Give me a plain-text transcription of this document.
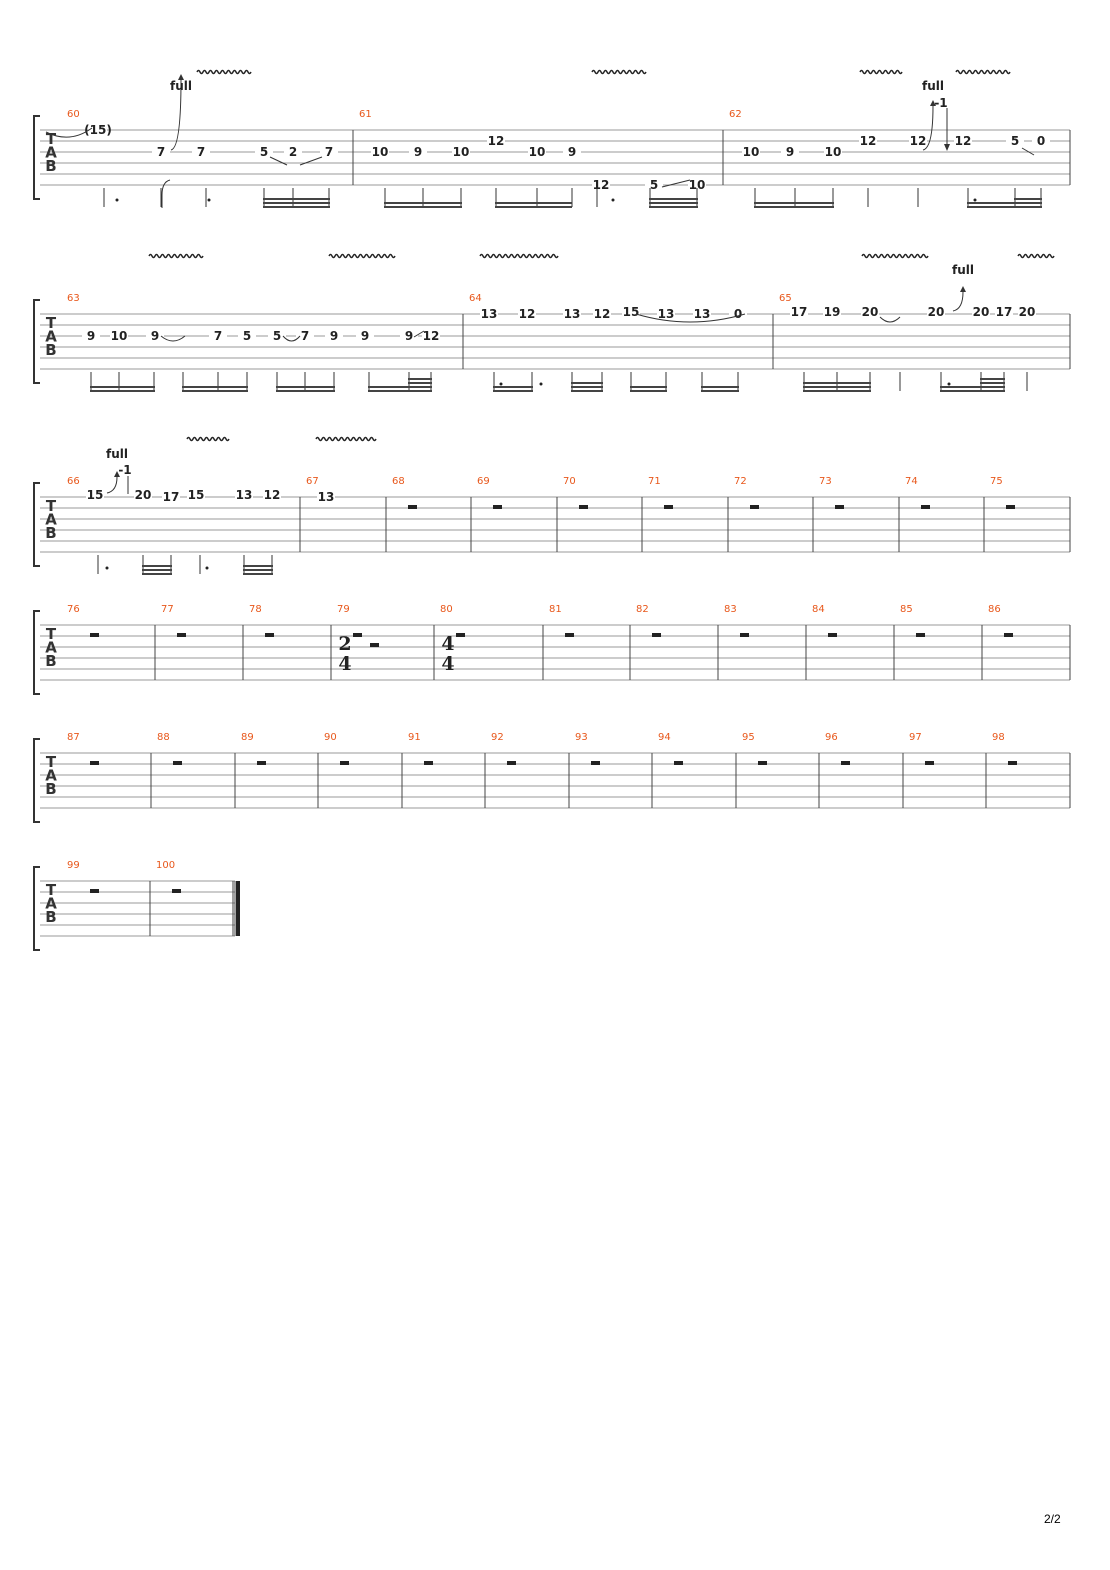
T
A
B
60	61	62
T
A
B
63	64	65
T
A
B
66	67	68	69	70	71	72	73	74	75
T
A
B
76	77	78	79	80	81	82	83	84	85	86
T
A
B
87	88	89	90	91	92	93	94	95	96	97	98
T
A
B
99	100
2
4
4
4
(15)
7	7	5 2 7	10 9	10
12
10 9
12	5	10
10 9	10
12	12 12	5 0
9 10 9	7 5 5 7 9 9	9 12
13 12 13 12 15 13 13 0	17 19 20	20 20 17 20
15	20 17 15	13 12	13
full	full
-1
full
full
-1
2/2
